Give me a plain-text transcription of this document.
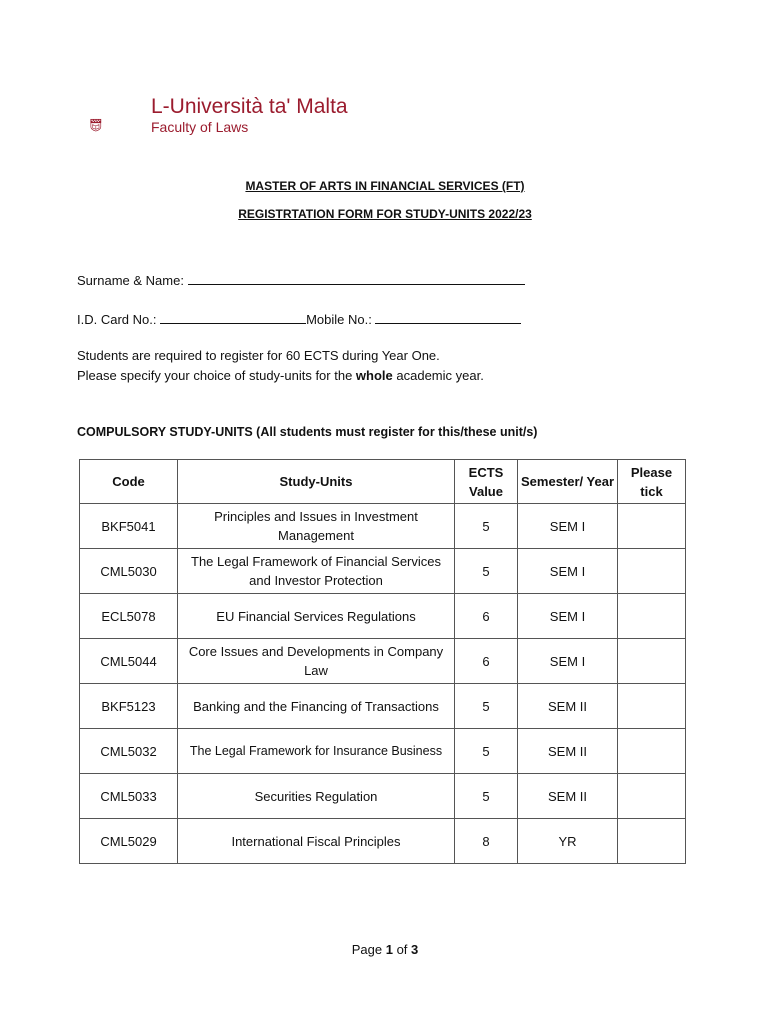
L-Università ta' Malta
Faculty of Laws
MASTER OF ARTS IN FINANCIAL SERVICES (FT)
REGISTRTATION FORM FOR STUDY-UNITS 2022/23
Surname & Name:
I.D. Card No.:	Mobile No.:
Students are required to register for 60 ECTS during Year One.
Please specify your choice of study-units for the whole academic year.
COMPULSORY STUDY-UNITS (All students must register for this/these unit/s)
Code	Study-Units	ECTS Value	Semester/ Year	Please tick
BKF5041	Principles and Issues in Investment Management	5	SEM I	
CML5030	The Legal Framework of Financial Services and Investor Protection	5	SEM I	
ECL5078	EU Financial Services Regulations	6	SEM I	
CML5044	Core Issues and Developments in Company Law	6	SEM I	
BKF5123	Banking and the Financing of Transactions	5	SEM II	
CML5032	The Legal Framework for Insurance Business	5	SEM II	
CML5033	Securities Regulation	5	SEM II	
CML5029	International Fiscal Principles	8	YR	
Page 1 of 3
